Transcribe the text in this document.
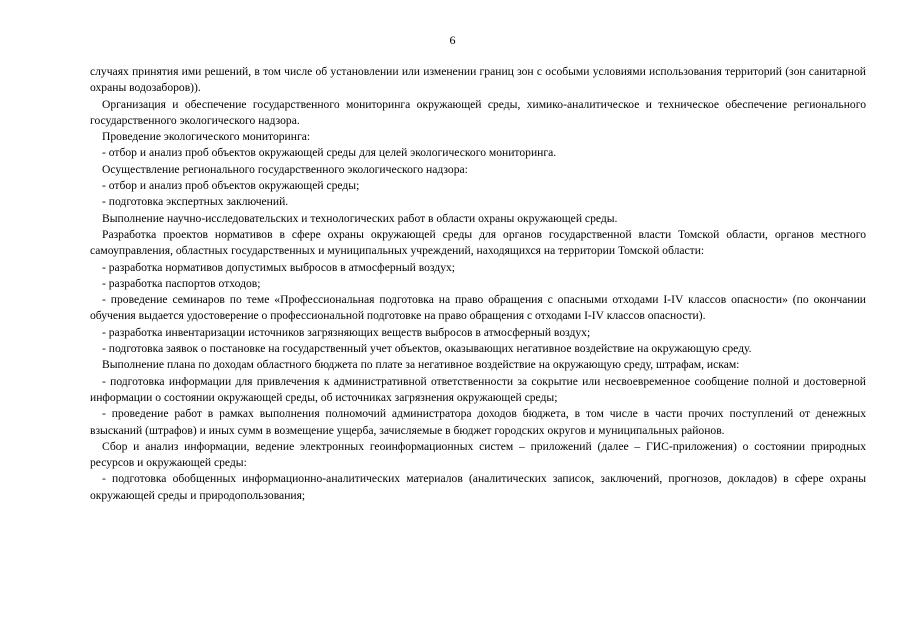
6

случаях принятия ими решений, в том числе об установлении или изменении границ зон с особыми условиями использования территорий (зон санитарной охраны водозаборов)).

Организация и обеспечение государственного мониторинга окружающей среды, химико-аналитическое и техническое обеспечение регионального государственного экологического надзора.

Проведение экологического мониторинга:

- отбор и анализ проб объектов окружающей среды для целей экологического мониторинга.

Осуществление регионального государственного экологического надзора:

- отбор и анализ проб объектов окружающей среды;

- подготовка экспертных заключений.

Выполнение научно-исследовательских и технологических работ в области охраны окружающей среды.

Разработка проектов нормативов в сфере охраны окружающей среды для органов государственной власти Томской области, органов местного самоуправления, областных государственных и муниципальных учреждений, находящихся на территории Томской области:

- разработка нормативов допустимых выбросов в атмосферный воздух;

- разработка паспортов отходов;

- проведение семинаров по теме «Профессиональная подготовка на право обращения с опасными отходами I-IV классов опасности» (по окончании обучения выдается удостоверение о профессиональной подготовке на право обращения с отходами I-IV классов опасности).

- разработка инвентаризации источников загрязняющих веществ выбросов в атмосферный воздух;

- подготовка заявок о постановке на государственный учет объектов, оказывающих негативное воздействие на окружающую среду.

Выполнение плана по доходам областного бюджета по плате за негативное воздействие на окружающую среду, штрафам, искам:

- подготовка информации для привлечения к административной ответственности за сокрытие или несвоевременное сообщение полной и достоверной информации о состоянии окружающей среды, об источниках загрязнения окружающей среды;

- проведение работ в рамках выполнения полномочий администратора доходов бюджета, в том числе в части прочих поступлений от денежных взысканий (штрафов) и иных сумм в возмещение ущерба, зачисляемые в бюджет городских округов и муниципальных районов.

Сбор и анализ информации, ведение электронных геоинформационных систем – приложений (далее – ГИС-приложения) о состоянии природных ресурсов и окружающей среды:

- подготовка обобщенных информационно-аналитических материалов (аналитических записок, заключений, прогнозов, докладов) в сфере охраны окружающей среды и природопользования;
